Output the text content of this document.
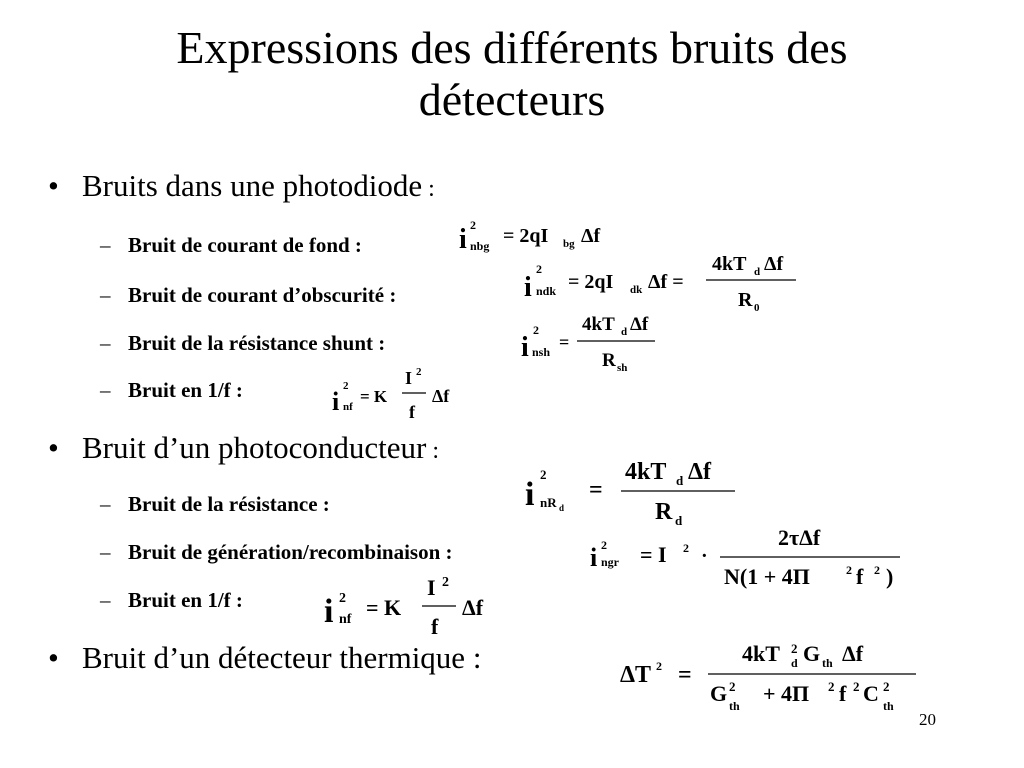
Expressions des différents bruits des
détecteurs
• Bruits dans une photodiode :
– Bruit de courant de fond :
– Bruit de courant d’obscurité :
– Bruit de la résistance shunt :
– Bruit en 1/f :
• Bruit d’un photoconducteur :
– Bruit de la résistance :
– Bruit de génération/recombinaison :
– Bruit en 1/f :
• Bruit d’un détecteur thermique :
i 2
nbg = 2qI bg Δf
i
2
ndk = 2qI dk Δf =
4kT d Δf
R 0
i
2
nsh =
4kT d Δf
R sh
i
2
nf
= K
I 2
f
Δf
i
2
nR d
=
4kT d Δf
R d
i 2
ngr = I 2 ·
2τΔf
N(1 + 4Π	2 f 2 )
i 2
nf = K
I 2
f
Δf
ΔT 2 =
4kT 2
d G th Δf
G 2
th + 4Π 2 f 2 C 2
th
20
